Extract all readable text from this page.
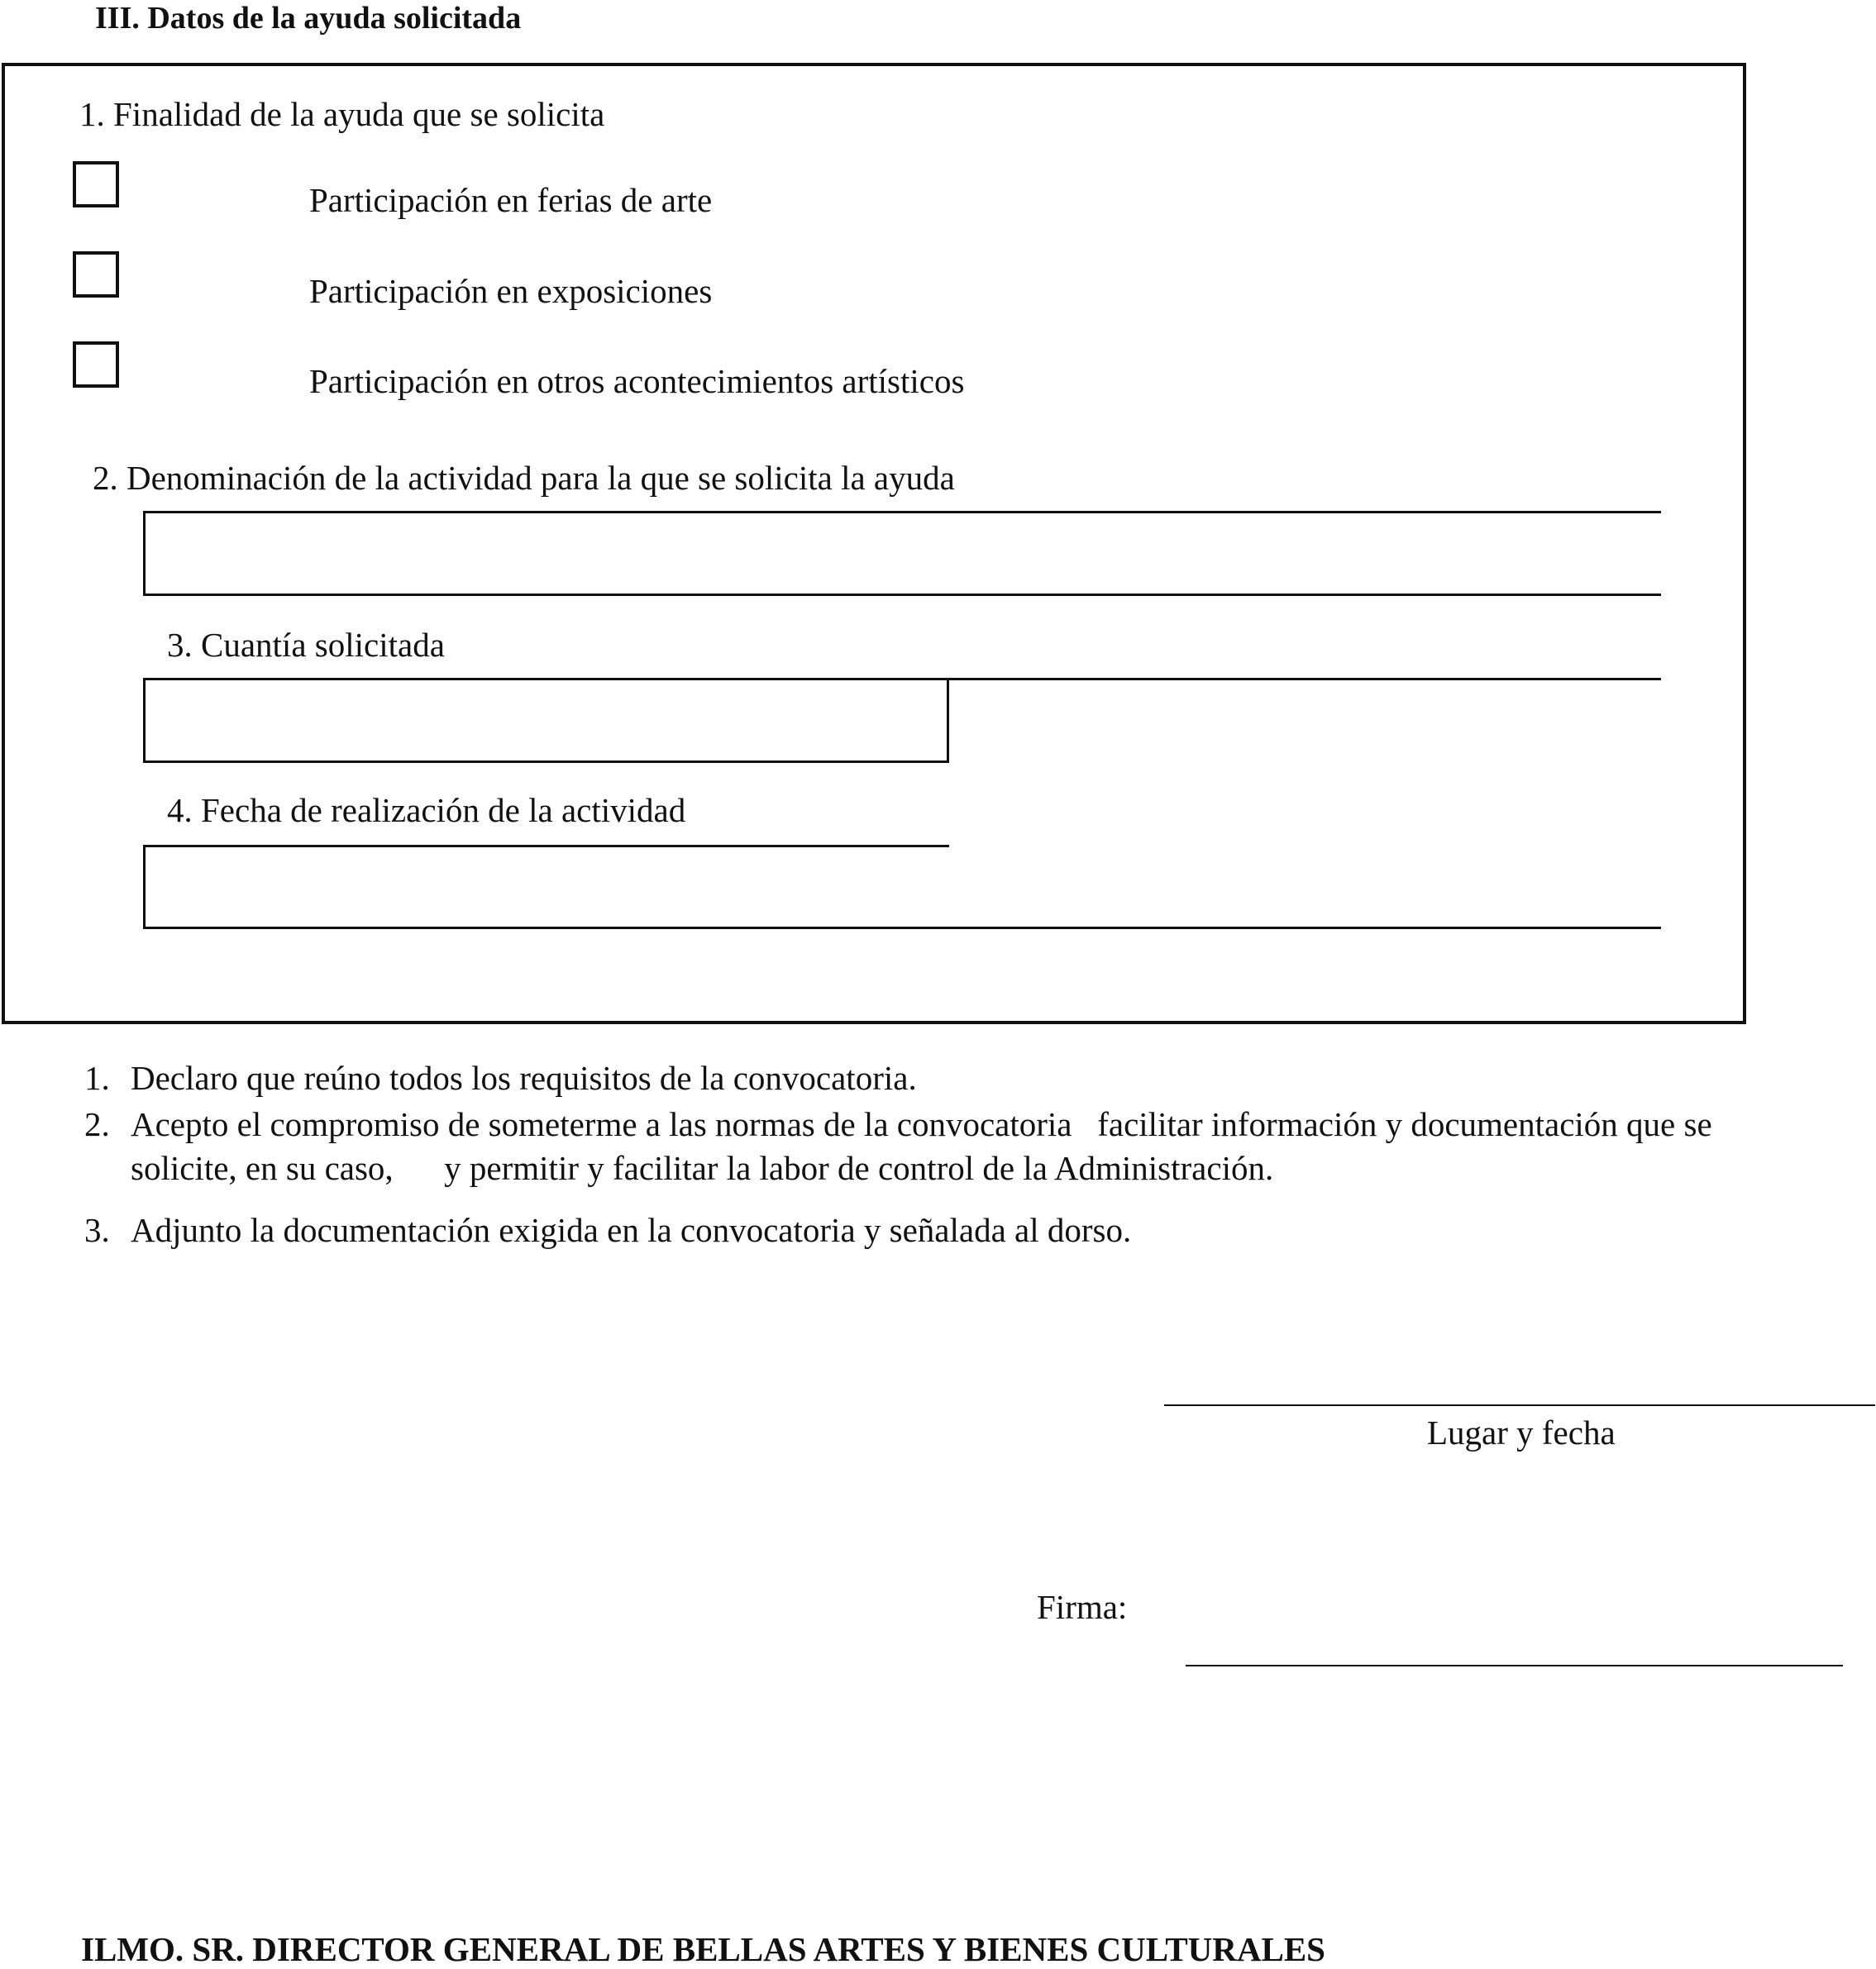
III. Datos de la ayuda solicitada
1. Finalidad de la ayuda que se solicita
Participación en ferias de arte
Participación en exposiciones
Participación en otros acontecimientos artísticos
2. Denominación de la actividad para la que se solicita la ayuda
3. Cuantía solicitada
4. Fecha de realización de la actividad
1. Declaro que reúno todos los requisitos de la convocatoria.
2. Acepto el compromiso de someterme a las normas de la convocatoria   facilitar información y documentación que se solicite, en su caso,      y permitir y facilitar la labor de control de la Administración.
3. Adjunto la documentación exigida en la convocatoria y señalada al dorso.
Lugar y fecha
Firma:
ILMO. SR. DIRECTOR GENERAL DE BELLAS ARTES Y BIENES CULTURALES
